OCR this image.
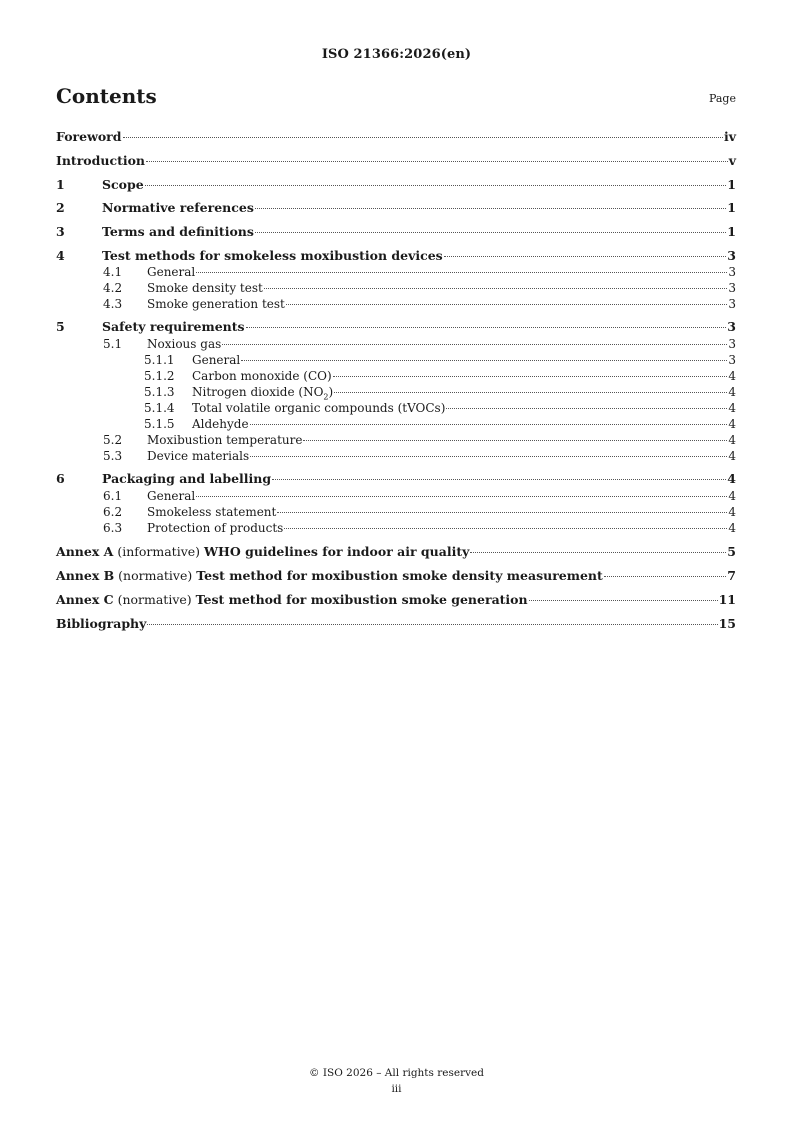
ISO 21366:2026(en)
Contents	Page
Foreword	iv
Introduction	v
1	Scope	1
2	Normative references	1
3	Terms and definitions	1
4	Test methods for smokeless moxibustion devices	3
4.1	General	3
4.2	Smoke density test	3
4.3	Smoke generation test	3
5	Safety requirements	3
5.1	Noxious gas	3
5.1.1	General	3
5.1.2	Carbon monoxide (CO)	4
5.1.3	Nitrogen dioxide $(NO_2)$	4
5.1.4	Total volatile organic compounds (tVOCs)	4
5.1.5	Aldehyde	4
5.2	Moxibustion temperature	4
5.3	Device materials	4
6	Packaging and labelling	4
6.1	General	4
6.2	Smokeless statement	4
6.3	Protection of products	4
Annex A (informative) WHO guidelines for indoor air quality	5
Annex B (normative) Test method for moxibustion smoke density measurement	7
Annex C (normative) Test method for moxibustion smoke generation	11
Bibliography	15
© ISO 2026 – All rights reserved
iii
